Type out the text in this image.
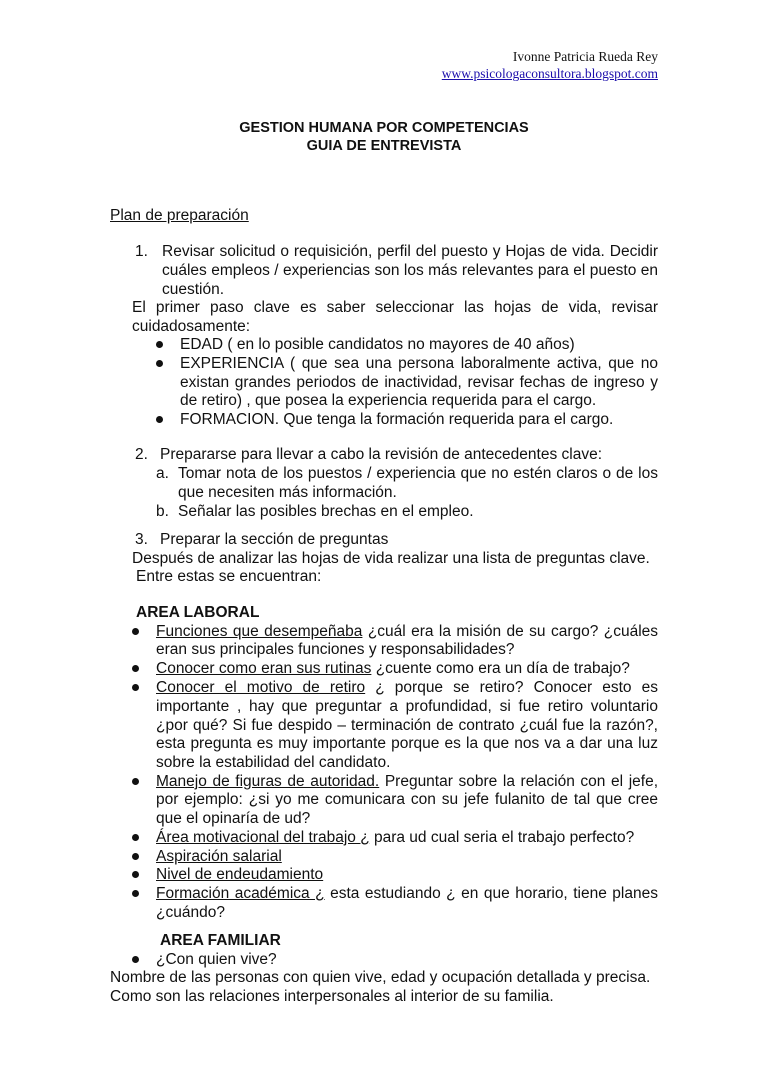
Ivonne Patricia Rueda Rey
www.psicologaconsultora.blogspot.com
GESTION HUMANA POR COMPETENCIAS
GUIA DE ENTREVISTA
Plan de preparación
1. Revisar solicitud o requisición, perfil del puesto y Hojas de vida. Decidir
cuáles empleos / experiencias son los más relevantes para el puesto en
cuestión.
El primer paso clave es saber seleccionar las hojas de vida, revisar
cuidadosamente:
EDAD ( en lo posible candidatos no mayores de 40 años)
EXPERIENCIA ( que sea una persona laboralmente activa, que no
existan grandes periodos de inactividad, revisar fechas de ingreso y
de retiro) , que posea la experiencia requerida para el cargo.
FORMACION. Que tenga la formación requerida para el cargo.
2. Prepararse para llevar a cabo la revisión de antecedentes clave:
a. Tomar nota de los puestos / experiencia que no estén claros o de los
que necesiten más información.
b. Señalar las posibles brechas en el empleo.
3. Preparar la sección de preguntas
Después de analizar las hojas de vida realizar una lista de preguntas clave.
Entre estas se encuentran:
AREA LABORAL
Funciones que desempeñaba ¿cuál era la misión de su cargo? ¿cuáles
eran sus principales funciones y responsabilidades?
Conocer como eran sus rutinas ¿cuente como era un día de trabajo?
Conocer el motivo de retiro ¿ porque se retiro? Conocer esto es
importante , hay que preguntar a profundidad, si fue retiro voluntario
¿por qué? Si fue despido – terminación de contrato ¿cuál fue la razón?,
esta pregunta es muy importante porque es la que nos va a dar una luz
sobre la estabilidad del candidato.
Manejo de figuras de autoridad. Preguntar sobre la relación con el jefe,
por ejemplo: ¿si yo me comunicara con su jefe fulanito de tal que cree
que el opinaría de ud?
Área motivacional del trabajo ¿ para ud cual seria el trabajo perfecto?
Aspiración salarial
Nivel de endeudamiento
Formación académica ¿ esta estudiando ¿ en que horario, tiene planes
¿cuándo?
AREA FAMILIAR
¿Con quien vive?
Nombre de las personas con quien vive, edad y ocupación detallada y precisa.
Como son las relaciones interpersonales al interior de su familia.
